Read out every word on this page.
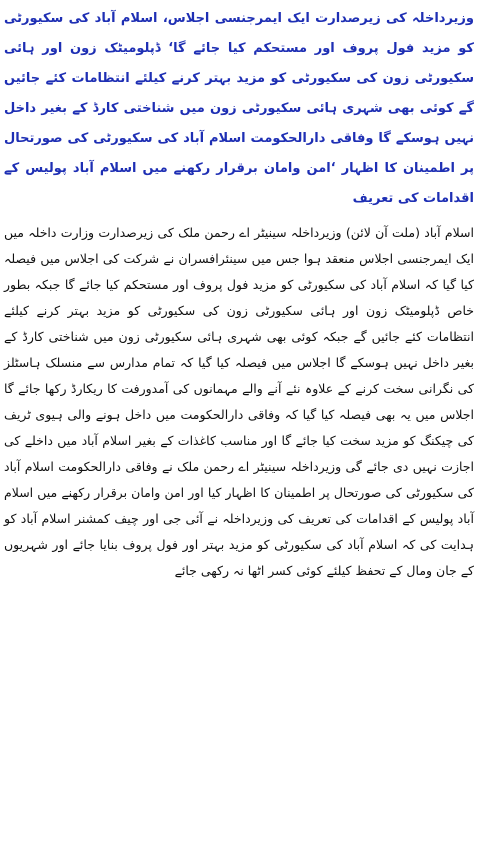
وزیرداخلہ کی زیرصدارت ایک ایمرجنسی اجلاس، اسلام آباد کی سکیورٹی کو مزید فول پروف اور مستحکم کیا جائے گا‘ ڈپلومیٹک زون اور ہائی سکیورٹی زون کی سکیورٹی کو مزید بہتر کرنے کیلئے انتظامات کئے جائیں گے کوئی بھی شہری ہائی سکیورٹی زون میں شناختی کارڈ کے بغیر داخل نہیں ہوسکے گا وفاقی دارالحکومت اسلام آباد کی سکیورٹی کی صورتحال پر اطمینان کا اظہار ‘امن وامان برقرار رکھنے میں اسلام آباد پولیس کے اقدامات کی تعریف

اسلام آباد (ملت آن لائن) وزیرداخلہ سینیٹر اے رحمن ملک کی زیرصدارت وزارت داخلہ میں ایک ایمرجنسی اجلاس منعقد ہوا جس میں سینئرافسران نے شرکت کی اجلاس میں فیصلہ کیا گیا کہ اسلام آباد کی سکیورٹی کو مزید فول پروف اور مستحکم کیا جائے گا جبکہ بطور خاص ڈپلومیٹک زون اور ہائی سکیورٹی زون کی سکیورٹی کو مزید بہتر کرنے کیلئے انتظامات کئے جائیں گے جبکہ کوئی بھی شہری ہائی سکیورٹی زون میں شناختی کارڈ کے بغیر داخل نہیں ہوسکے گا اجلاس میں فیصلہ کیا گیا کہ تمام مدارس سے منسلک ہاسٹلز کی نگرانی سخت کرنے کے علاوہ نئے آنے والے مہمانوں کی آمدورفت کا ریکارڈ رکھا جائے گا اجلاس میں یہ بھی فیصلہ کیا گیا کہ وفاقی دارالحکومت میں داخل ہونے والی ہیوی ٹریف کی چیکنگ کو مزید سخت کیا جائے گا اور مناسب کاغذات کے بغیر اسلام آباد میں داخلے کی اجازت نہیں دی جائے گی وزیرداخلہ سینیٹر اے رحمن ملک نے وفاقی دارالحکومت اسلام آباد کی سکیورٹی کی صورتحال پر اطمینان کا اظہار کیا اور امن وامان برقرار رکھنے میں اسلام آباد پولیس کے اقدامات کی تعریف کی وزیرداخلہ نے آئی جی اور چیف کمشنر اسلام آباد کو ہدایت کی کہ اسلام آباد کی سکیورٹی کو مزید بہتر اور فول پروف بنایا جائے اور شہریوں کے جان ومال کے تحفظ کیلئے کوئی کسر اٹھا نہ رکھی جائے
